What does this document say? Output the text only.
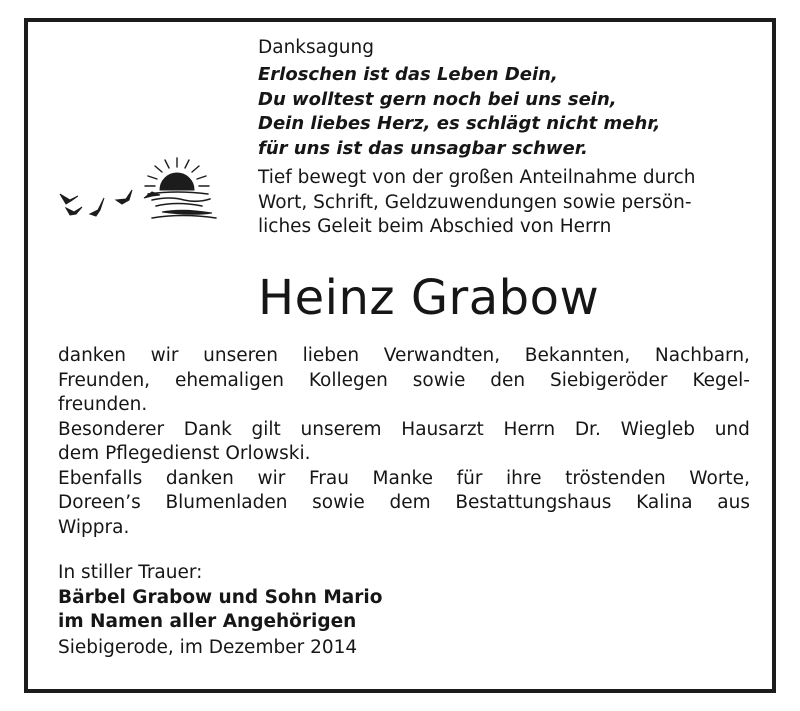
Danksagung
Erloschen ist das Leben Dein,
Du wolltest gern noch bei uns sein,
Dein liebes Herz, es schlägt nicht mehr,
für uns ist das unsagbar schwer.
Tief bewegt von der großen Anteilnahme durch
Wort, Schrift, Geldzuwendungen sowie persön-
liches Geleit beim Abschied von Herrn
Heinz Grabow
danken wir unseren lieben Verwandten, Bekannten, Nachbarn,
Freunden, ehemaligen Kollegen sowie den Siebigeröder Kegel-
freunden.
Besonderer Dank gilt unserem Hausarzt Herrn Dr. Wiegleb und
dem Pflegedienst Orlowski.
Ebenfalls danken wir Frau Manke für ihre tröstenden Worte,
Doreen’s Blumenladen sowie dem Bestattungshaus Kalina aus
Wippra.
In stiller Trauer:
Bärbel Grabow und Sohn Mario
im Namen aller Angehörigen
Siebigerode, im Dezember 2014
